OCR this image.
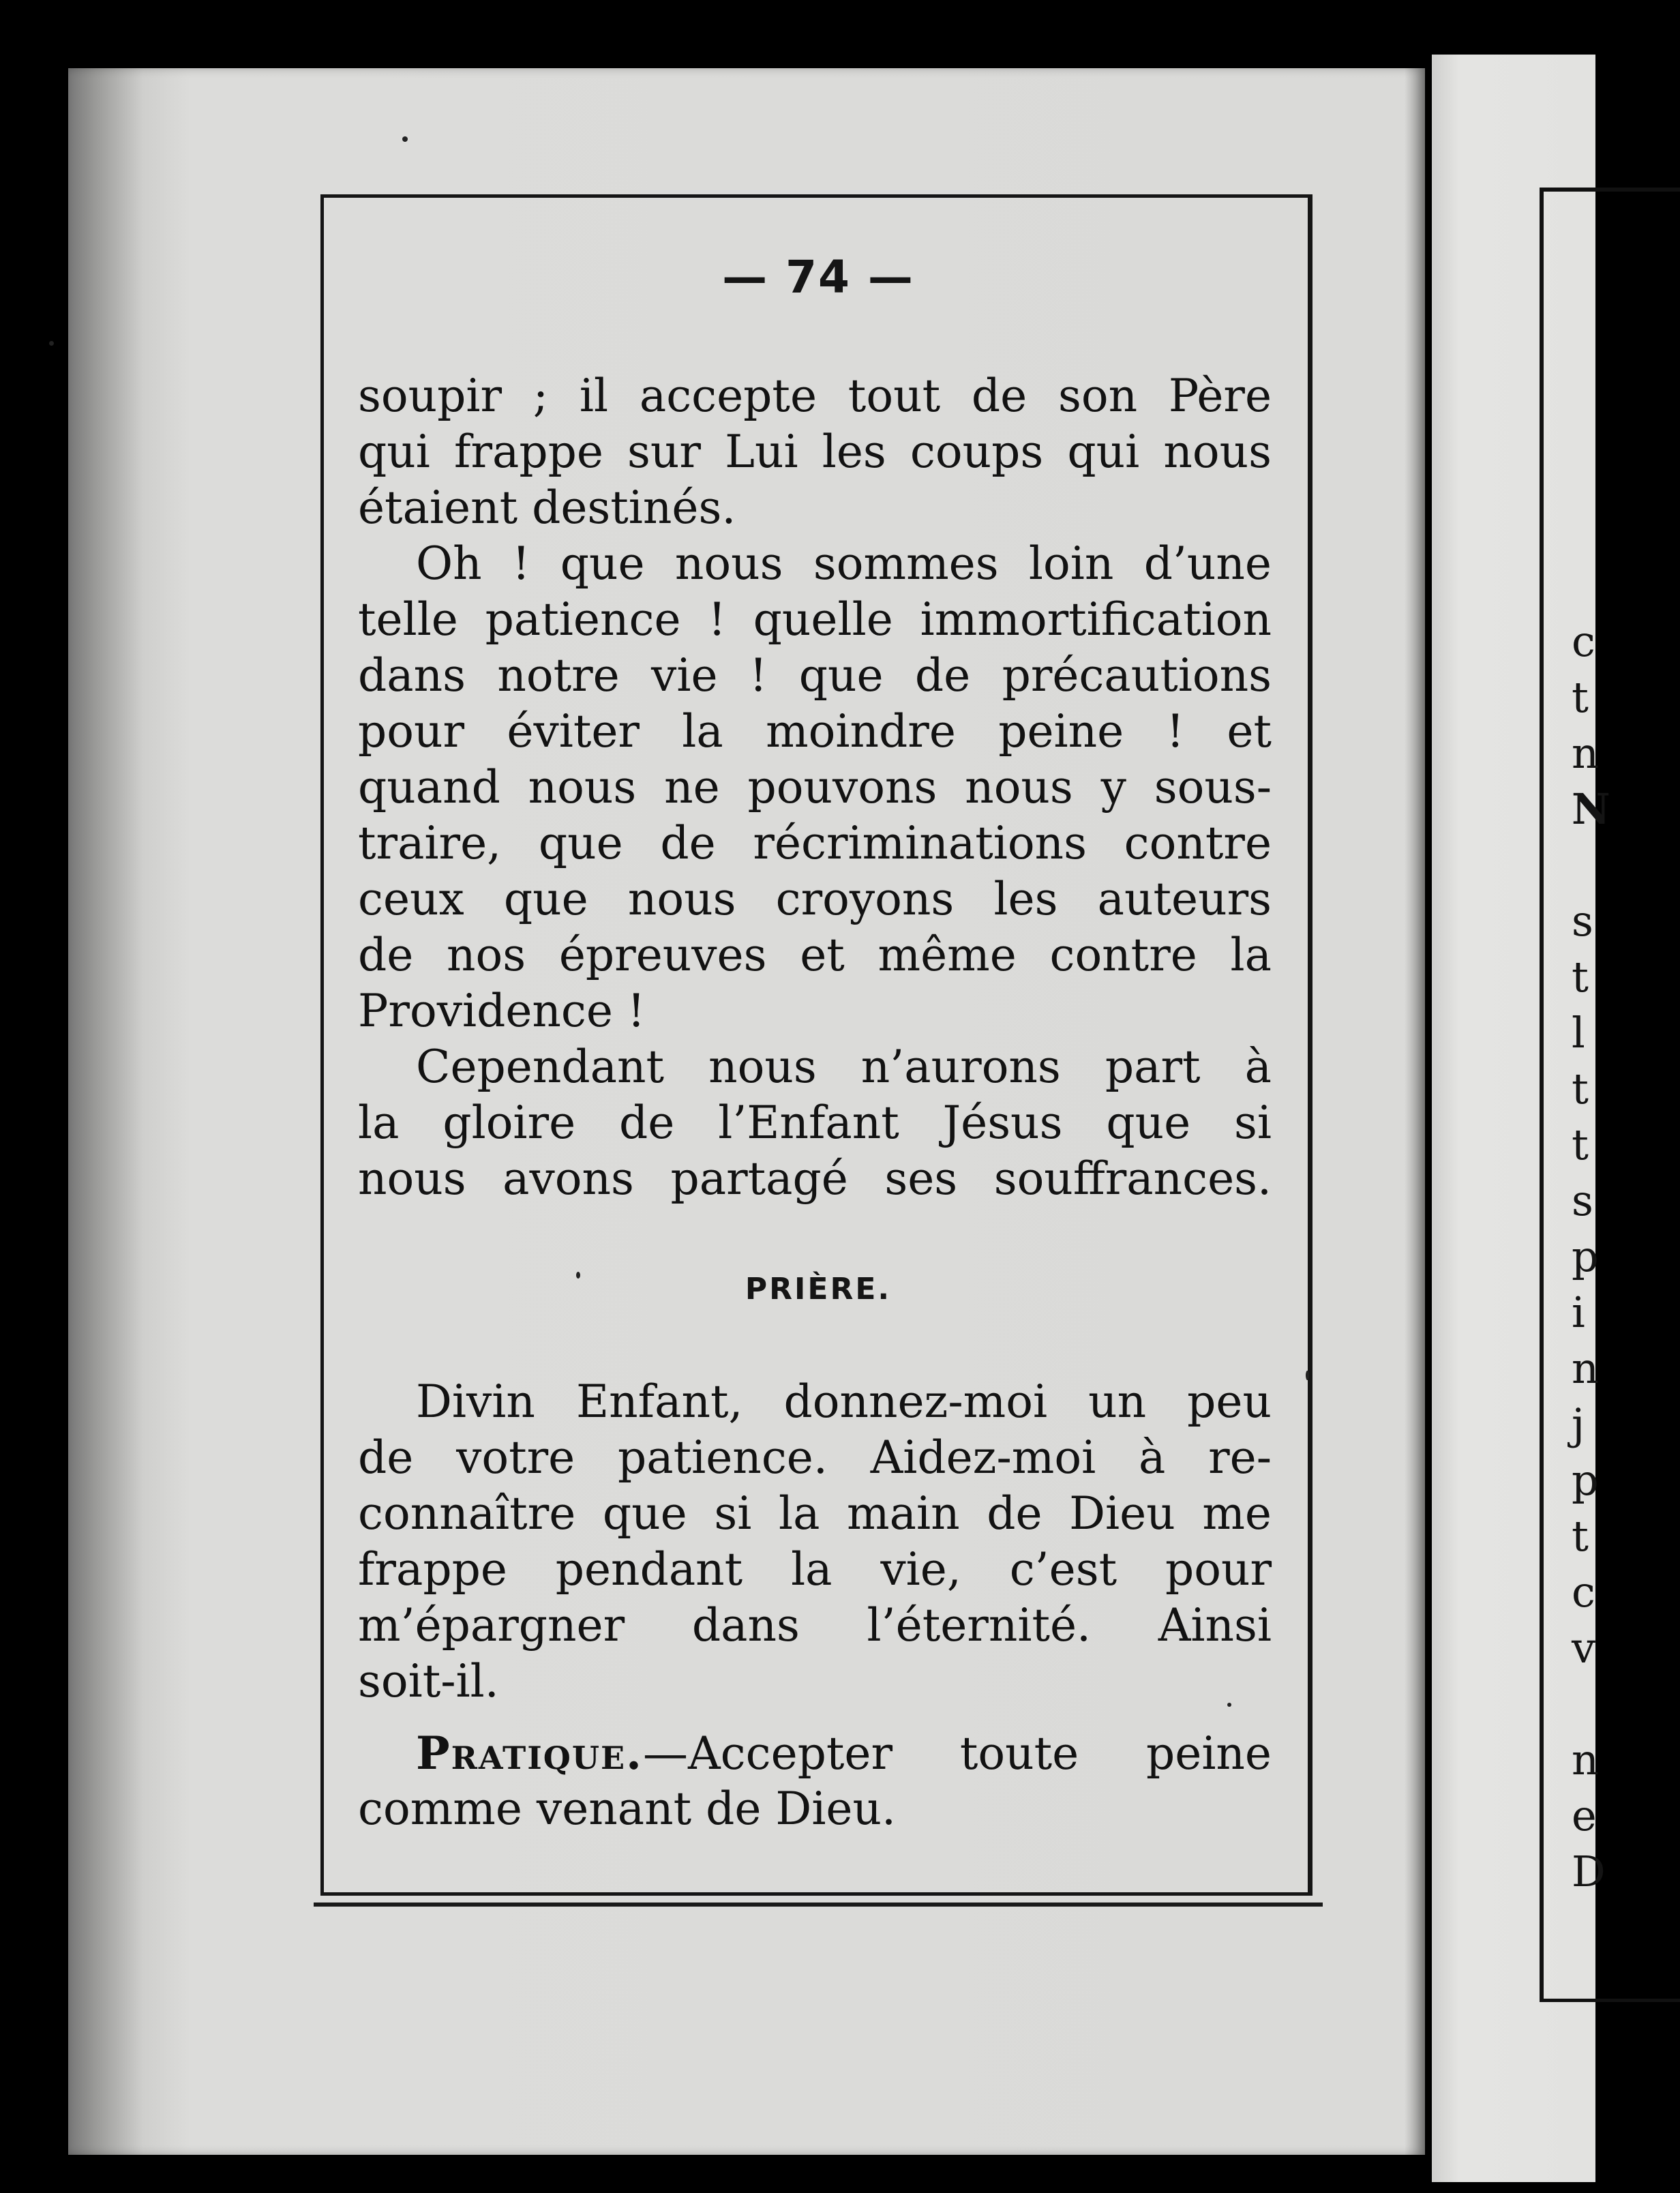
c
t
n
N
s
t
l
t
t
s
p
i
n
j
p
t
c
v
n
e
D
— 74 —
soupir ; il accepte tout de son Père
qui frappe sur Lui les coups qui nous
étaient destinés.
Oh ! que nous sommes loin d’une
telle patience ! quelle immortification
dans notre vie ! que de précautions
pour éviter la moindre peine ! et
quand nous ne pouvons nous y sous-
traire, que de récriminations contre
ceux que nous croyons les auteurs
de nos épreuves et même contre la
Providence !
Cependant nous n’aurons part à
la gloire de l’Enfant Jésus que si
nous avons partagé ses souffrances.
PRIÈRE.
Divin Enfant, donnez-moi un peu
de votre patience. Aidez-moi à re-
connaître que si la main de Dieu me
frappe pendant la vie, c’est pour
m’épargner dans l’éternité. Ainsi
soit-il.
Pratique.—Accepter toute peine
comme venant de Dieu.
